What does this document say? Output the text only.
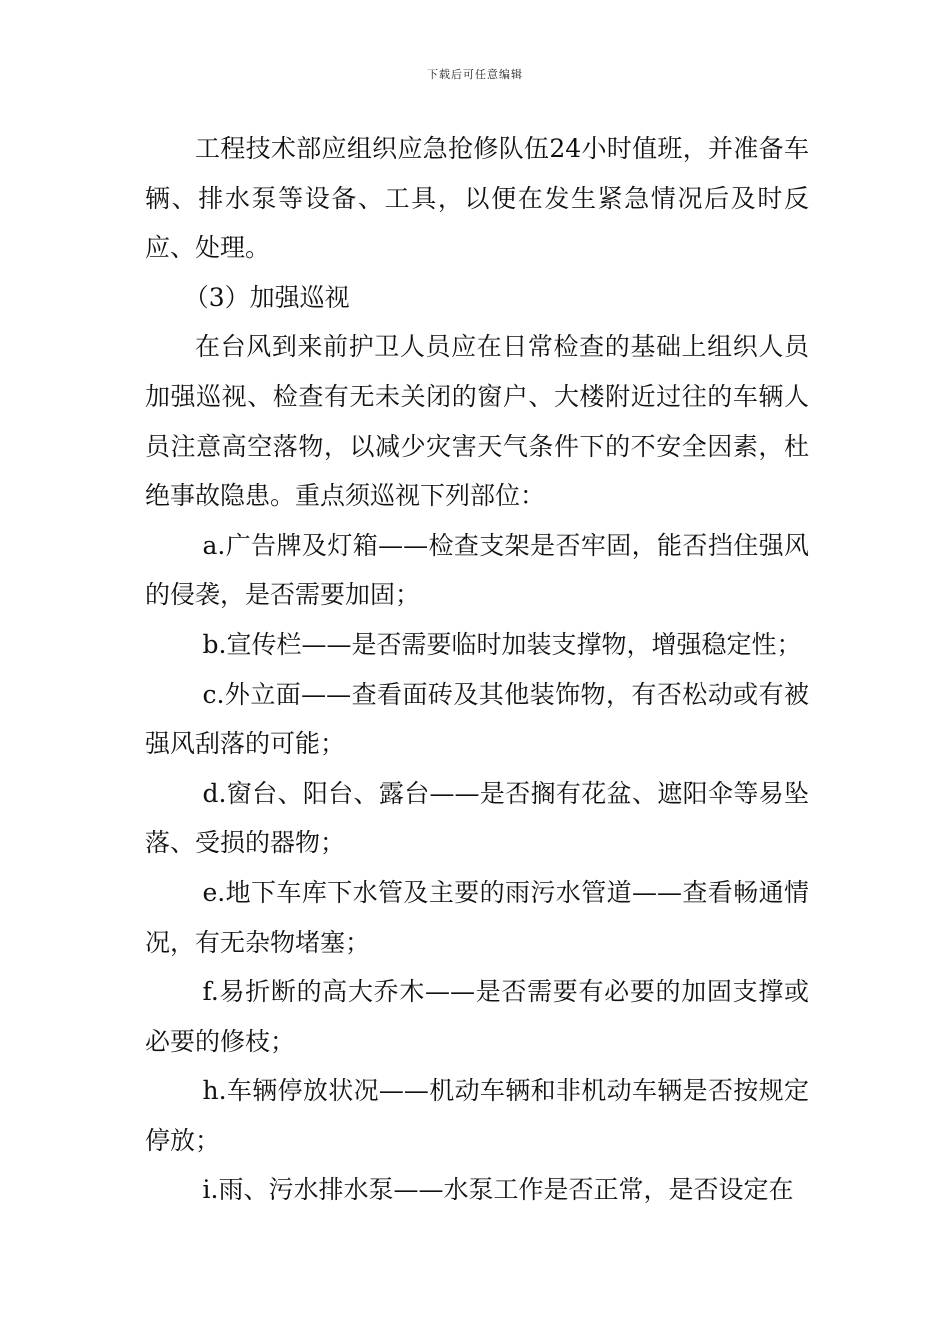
下载后可任意编辑

工程技术部应组织应急抢修队伍24小时值班，并准备车辆、排水泵等设备、工具，以便在发生紧急情况后及时反应、处理。

（3）加强巡视

在台风到来前护卫人员应在日常检查的基础上组织人员加强巡视、检查有无未关闭的窗户、大楼附近过往的车辆人员注意高空落物，以减少灾害天气条件下的不安全因素，杜绝事故隐患。重点须巡视下列部位：

a.广告牌及灯箱——检查支架是否牢固，能否挡住强风的侵袭，是否需要加固；

b.宣传栏——是否需要临时加装支撑物，增强稳定性；

c.外立面——查看面砖及其他装饰物，有否松动或有被强风刮落的可能；

d.窗台、阳台、露台——是否搁有花盆、遮阳伞等易坠落、受损的器物；

e.地下车库下水管及主要的雨污水管道——查看畅通情况，有无杂物堵塞；

f.易折断的高大乔木——是否需要有必要的加固支撑或必要的修枝；

h.车辆停放状况——机动车辆和非机动车辆是否按规定停放；

i.雨、污水排水泵——水泵工作是否正常，是否设定在
